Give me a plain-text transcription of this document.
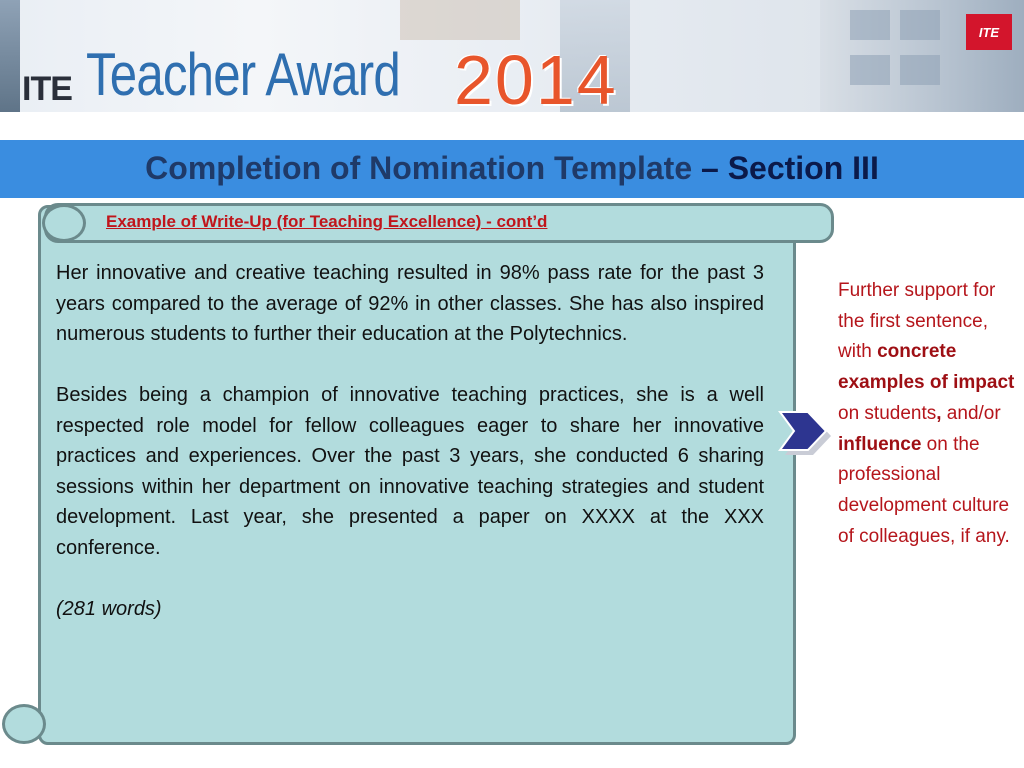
ITE Teacher Award 2014
ITE
Completion of Nomination Template – Section III
Example of Write-Up (for Teaching Excellence) - cont’d

Her innovative and creative teaching resulted in 98% pass rate for the past 3 years compared to the average of 92% in other classes. She has also inspired numerous students to further their education at the Polytechnics.

Besides being a champion of innovative teaching practices, she is a well respected role model for fellow colleagues eager to share her innovative practices and experiences. Over the past 3 years, she conducted 6 sharing sessions within her department on innovative teaching strategies and student development. Last year, she presented a paper on XXXX at the XXX conference.

(281 words)

Further support for the first sentence, with concrete examples of impact on students, and/or influence on the professional development culture of colleagues, if any.
